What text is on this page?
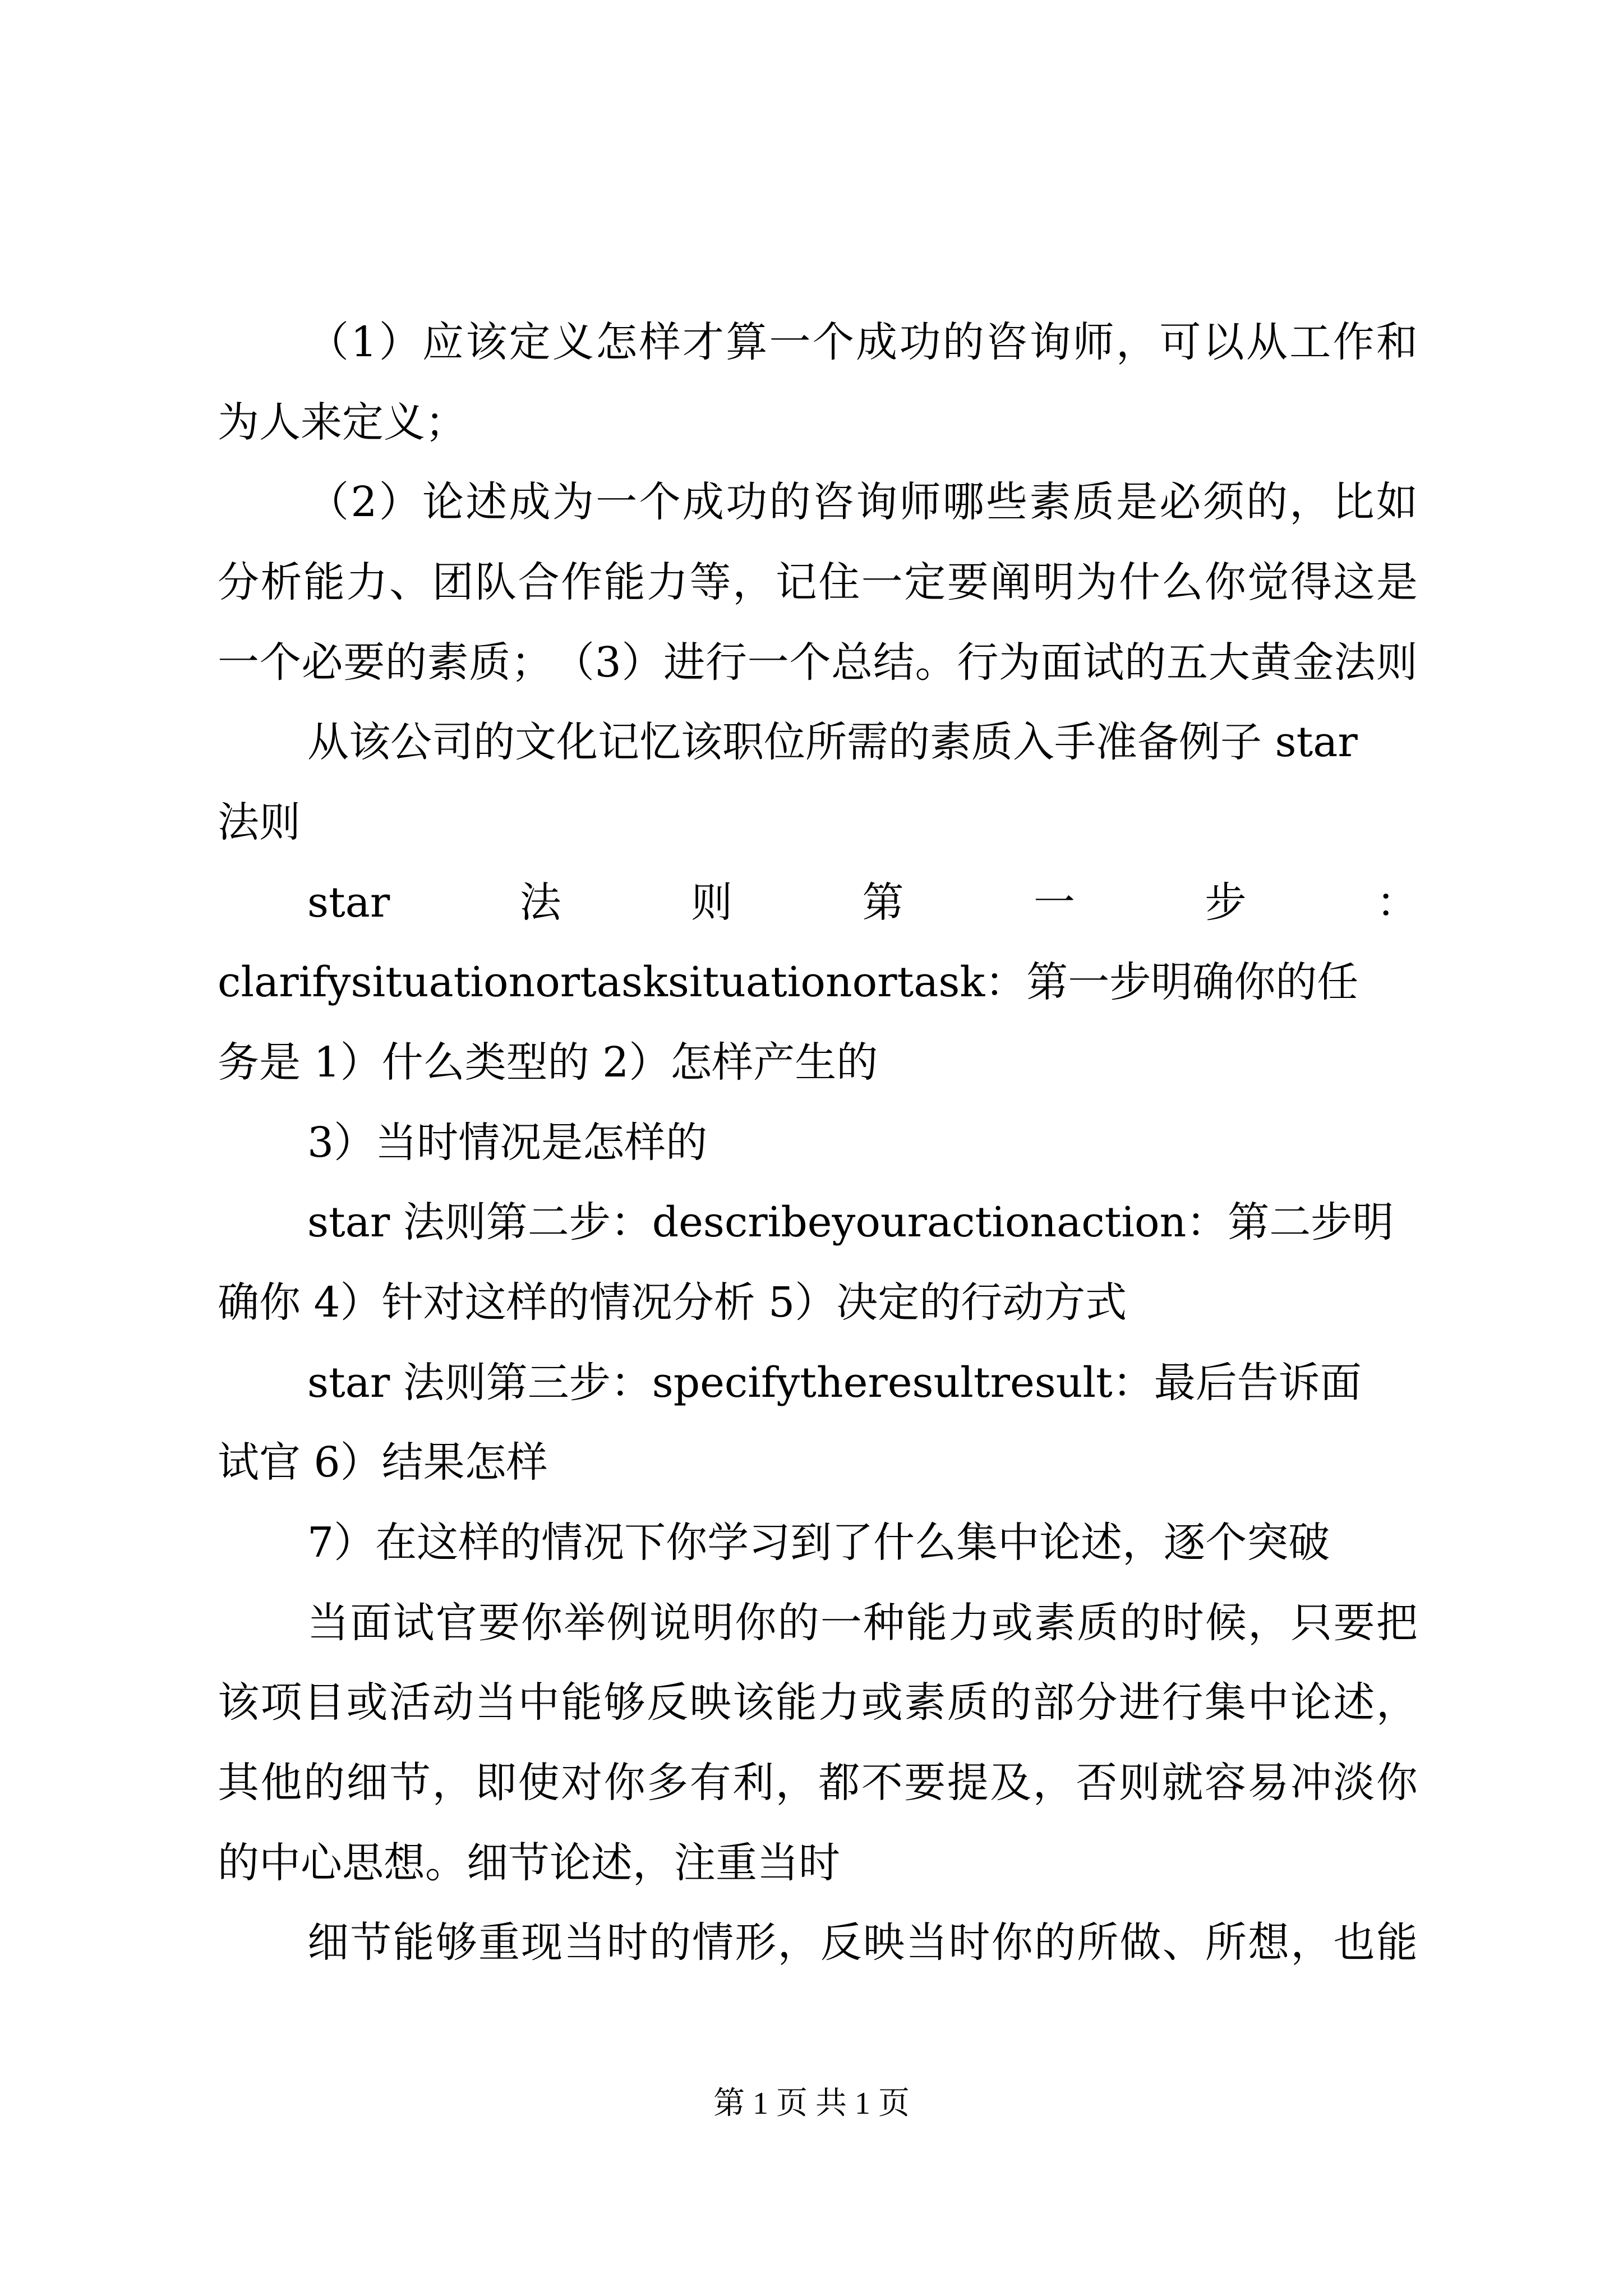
（ 1 ） 应 该 定 义 怎 样 才 算 一 个 成 功 的 咨 询 师 ， 可 以 从 工 作 和
为人来定义；
（ 2 ） 论 述 成 为 一 个 成 功 的 咨 询 师 哪 些 素 质 是 必 须 的 ， 比 如
分 析 能 力 、 团 队 合 作 能 力 等 ， 记 住 一 定 要 阐 明 为 什 么 你 觉 得 这 是
一 个 必 要 的 素 质 ； （ 3 ） 进 行 一 个 总 结 。 行 为 面 试 的 五 大 黄 金 法 则
从该公司的文化记忆该职位所需的素质入手准备例子 star
法则
star	法	则	第	一	步	：
clarifysituationortasksituationortask：第一步明确你的任
务是 1）什么类型的 2）怎样产生的
3）当时情况是怎样的
star 法则第二步：describeyouractionaction：第二步明
确你 4）针对这样的情况分析 5）决定的行动方式
star 法则第三步：specifytheresultresult：最后告诉面
试官 6）结果怎样
7）在这样的情况下你学习到了什么集中论述，逐个突破
当 面 试 官 要 你 举 例 说 明 你 的 一 种 能 力 或 素 质 的 时 候 ， 只 要 把
该 项 目 或 活 动 当 中 能 够 反 映 该 能 力 或 素 质 的 部 分 进 行 集 中 论 述 ，
其 他 的 细 节 ， 即 使 对 你 多 有 利 ， 都 不 要 提 及 ， 否 则 就 容 易 冲 淡 你
的中心思想。细节论述，注重当时
细 节 能 够 重 现 当 时 的 情 形 ， 反 映 当 时 你 的 所 做 、 所 想 ， 也 能
第 1 页 共 1 页
